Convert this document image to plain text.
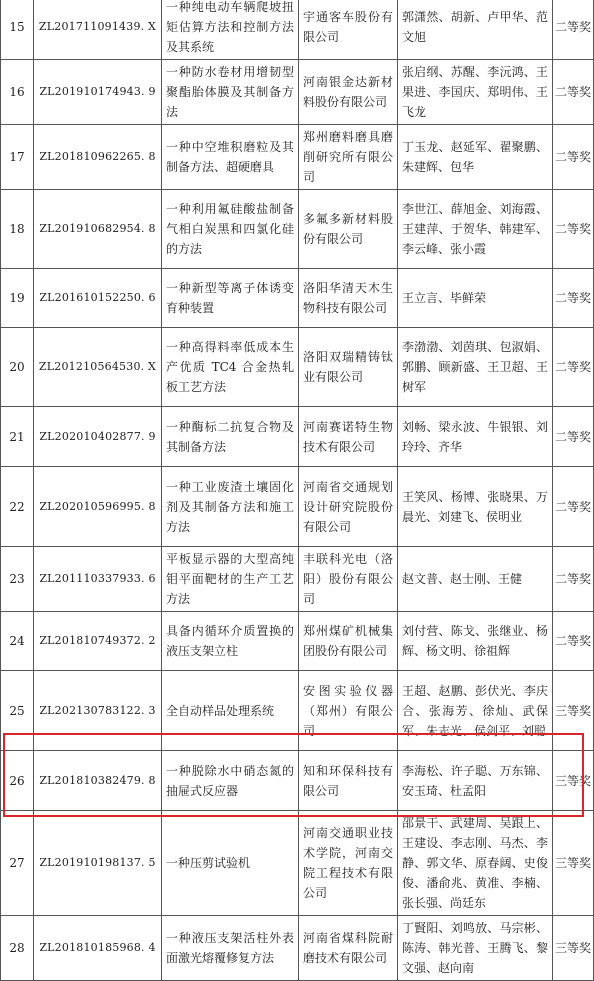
15	ZL201711091439. X	一种纯电动车辆爬坡扭矩估算方法和控制方法及其系统	宇通客车股份有限公司	郭潇然、胡新、卢甲华、范文旭	二等奖
16	ZL201910174943. 9	一种防水卷材用增韧型聚酯胎体膜及其制备方法	河南银金达新材料股份有限公司	张启纲、苏醒、李沅鸿、王果进、李国庆、郑明伟、王飞龙	二等奖
17	ZL201810962265. 8	一种中空堆积磨粒及其制备方法、超硬磨具	郑州磨料磨具磨削研究所有限公司	丁玉龙、赵延军、翟聚鹏、朱建辉、包华	二等奖
18	ZL201910682954. 8	一种利用氟硅酸盐制备气相白炭黑和四氯化硅的方法	多氟多新材料股份有限公司	李世江、薛旭金、刘海霞、王建萍、于贺华、韩建军、李云峰、张小霞	二等奖
19	ZL201610152250. 6	一种新型等离子体诱变育种装置	洛阳华清天木生物科技有限公司	王立言、毕鲜荣	二等奖
20	ZL201210564530. X	一种高得料率低成本生产优质 TC4 合金热轧板工艺方法	洛阳双瑞精铸钛业有限公司	李渤渤、刘茵琪、包淑娟、郭鹏、顾新盛、王卫超、王树军	二等奖
21	ZL202010402877. 9	一种酶标二抗复合物及其制备方法	河南赛诺特生物技术有限公司	刘畅、梁永波、牛银银、刘玲玲、齐华	二等奖
22	ZL202010596995. 8	一种工业废渣土壤固化剂及其制备方法和施工方法	河南省交通规划设计研究院股份有限公司	王笑风、杨博、张晓果、万晨光、刘建飞、侯明业	二等奖
23	ZL201110337933. 6	平板显示器的大型高纯钼平面靶材的生产工艺方法	丰联科光电（洛阳）股份有限公司	赵文普、赵士刚、王健	二等奖
24	ZL201810749372. 2	具备内循环介质置换的液压支架立柱	郑州煤矿机械集团股份有限公司	刘付营、陈戈、张继业、杨辉、杨文明、徐祖辉	二等奖
25	ZL202130783122. 3	全自动样品处理系统	安图实验仪器（郑州）有限公司	王超、赵鹏、彭伏光、李庆合、张海芳、徐灿、武保军、朱志光、侯剑平、刘聪	三等奖
26	ZL201810382479. 8	一种脱除水中硝态氮的抽屉式反应器	知和环保科技有限公司	李海松、许子聪、万东锦、安玉琦、杜孟阳	三等奖
27	ZL201910198137. 5	一种压剪试验机	河南交通职业技术学院，河南交院工程技术有限公司	邵景干、武建周、吴跟上、王建设、李志刚、马杰、李静、郭文华、原春阔、史俊俊、潘俞兆、黄准、李楠、张长强、尚廷东	三等奖
28	ZL201810185968. 4	一种液压支架活柱外表面激光熔覆修复方法	河南省煤科院耐磨技术有限公司	丁賢阳、刘鸣放、马宗彬、陈涛、韩光普、王腾飞、黎文强、赵向南	三等奖
